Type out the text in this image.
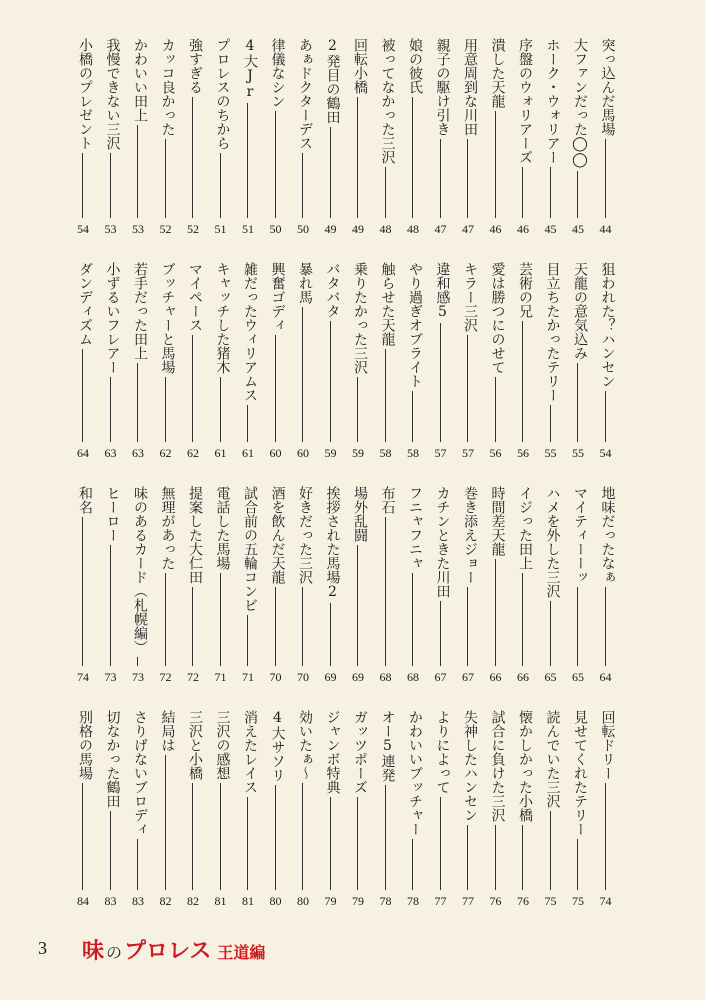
突っ込んだ馬場
44
大ファンだった◯◯
45
ホーク・ウォリアー
45
序盤のウォリアーズ
46
潰した天龍
46
用意周到な川田
47
親子の駆け引き
47
娘の彼氏
48
被ってなかった三沢
48
回転小橋
49
2発目の鶴田
49
あぁドクターデス
50
律儀なシン
50
4大Jr
51
プロレスのちから
51
強すぎる
52
カッコ良かった
52
かわいい田上
53
我慢できない三沢
53
小橋のプレゼント
54
狙われた？ハンセン
54
天龍の意気込み
55
目立ちたかったテリー
55
芸術の兄
56
愛は勝つにのせて
56
キラー三沢
57
違和感5
57
やり過ぎオブライト
58
触らせた天龍
58
乗りたかった三沢
59
バタバタ
59
暴れ馬
60
興奮ゴディ
60
雑だったウィリアムス
61
キャッチした猪木
61
マイペース
62
ブッチャーと馬場
62
若手だった田上
63
小ずるいフレアー
63
ダンディズム
64
地味だったなぁ
64
マイティーーッ
65
ハメを外した三沢
65
イジった田上
66
時間差天龍
66
巻き添えジョー
67
カチンときた川田
67
フニャフニャ
68
布石
68
場外乱闘
69
挨拶された馬場2
69
好きだった三沢
70
酒を飲んだ天龍
70
試合前の五輪コンビ
71
電話した馬場
71
提案した大仁田
72
無理があった
72
味のあるカード（札幌編）
73
ヒーロー
73
和名
74
回転ドリー
74
見せてくれたテリー
75
読んでいた三沢
75
懐かしかった小橋
76
試合に負けた三沢
76
失神したハンセン
77
よりによって
77
かわいいブッチャー
78
オー5連発
78
ガッツポーズ
79
ジャンボ特典
79
効いたぁ〜
80
4大サソリ
80
消えたレイス
81
三沢の感想
81
三沢と小橋
82
結局は
82
さりげないブロディ
83
切なかった鶴田
83
別格の馬場
84
3 味 のプロレス 王道編
